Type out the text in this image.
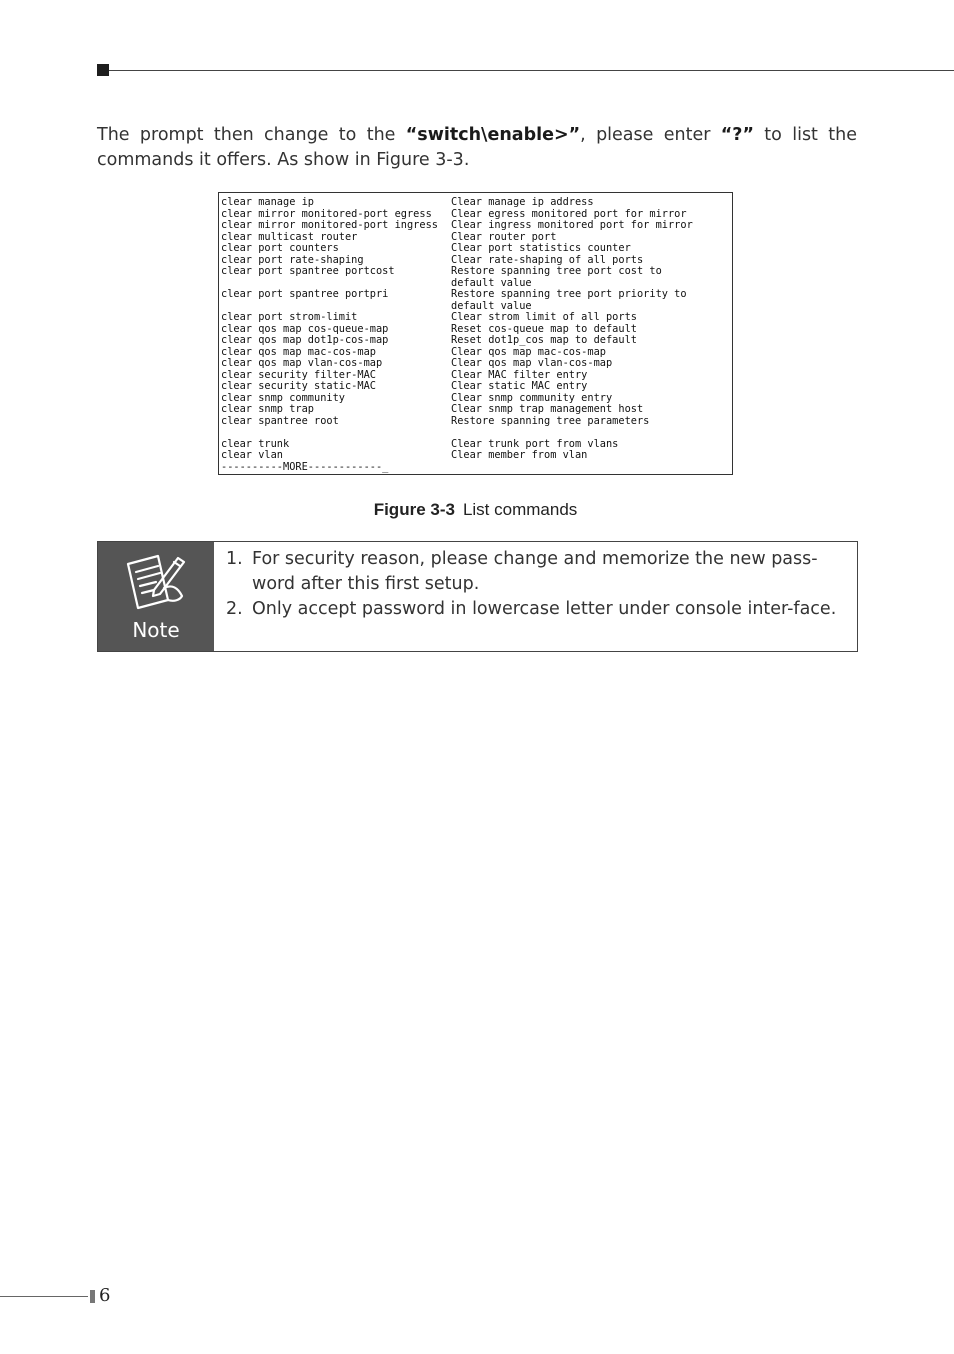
The prompt then change to the “switch\enable>”, please enter “?” to list the commands it offers. As show in Figure 3-3.

clear manage ip	Clear manage ip address
clear mirror monitored-port egress	Clear egress monitored port for mirror
clear mirror monitored-port ingress	Clear ingress monitored port for mirror
clear multicast router	Clear router port
clear port counters	Clear port statistics counter
clear port rate-shaping	Clear rate-shaping of all ports
clear port spantree portcost	Restore spanning tree port cost to
default value
clear port spantree portpri	Restore spanning tree port priority to
default value
clear port strom-limit	Clear strom limit of all ports
clear qos map cos-queue-map	Reset cos-queue map to default
clear qos map dot1p-cos-map	Reset dot1p_cos map to default
clear qos map mac-cos-map	Clear qos map mac-cos-map
clear qos map vlan-cos-map	Clear qos map vlan-cos-map
clear security filter-MAC	Clear MAC filter entry
clear security static-MAC	Clear static MAC entry
clear snmp community	Clear snmp community entry
clear snmp trap	Clear snmp trap management host
clear spantree root	Restore spanning tree parameters
clear trunk	Clear trunk port from vlans
clear vlan	Clear member from vlan
----------MORE------------_
Figure 3-3 List commands
Note
1. For security reason, please change and memorize the new pass-word after this first setup.
2. Only accept password in lowercase letter under console inter-face.
6
